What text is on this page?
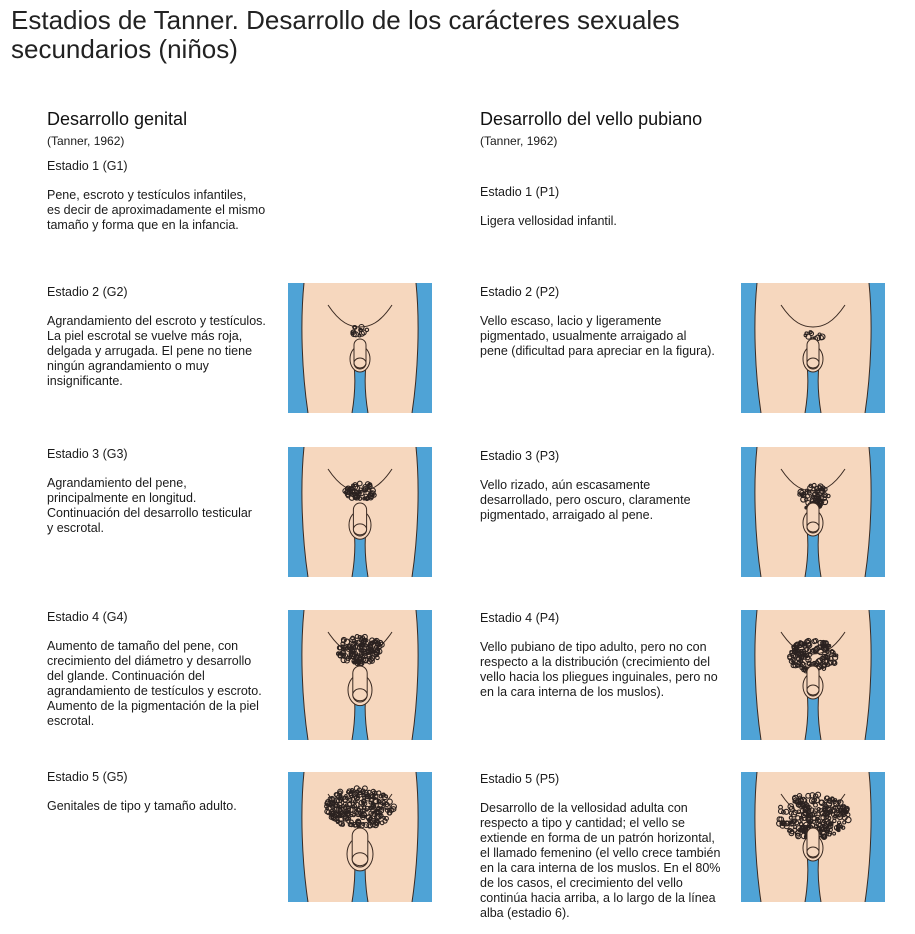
Estadios de Tanner. Desarrollo de los carácteres sexuales
secundarios (niños)
Desarrollo genital
(Tanner, 1962)
Desarrollo del vello pubiano
(Tanner, 1962)
Estadio 1 (G1)
Pene, escroto y testículos infantiles,
es decir de aproximadamente el mismo
tamaño y forma que en la infancia.
Estadio 2 (G2)
Agrandamiento del escroto y testículos.
La piel escrotal se vuelve más roja,
delgada y arrugada. El pene no tiene
ningún agrandamiento o muy
insignificante.
Estadio 3 (G3)
Agrandamiento del pene,
principalmente en longitud.
Continuación del desarrollo testicular
y escrotal.
Estadio 4 (G4)
Aumento de tamaño del pene, con
crecimiento del diámetro y desarrollo
del glande. Continuación del
agrandamiento de testículos y escroto.
Aumento de la pigmentación de la piel
escrotal.
Estadio 5 (G5)
Genitales de tipo y tamaño adulto.
Estadio 1 (P1)
Ligera vellosidad infantil.
Estadio 2 (P2)
Vello escaso, lacio y ligeramente
pigmentado, usualmente arraigado al
pene (dificultad para apreciar en la figura).
Estadio 3 (P3)
Vello rizado, aún escasamente
desarrollado, pero oscuro, claramente
pigmentado, arraigado al pene.
Estadio 4 (P4)
Vello pubiano de tipo adulto, pero no con
respecto a la distribución (crecimiento del
vello hacia los pliegues inguinales, pero no
en la cara interna de los muslos).
Estadio 5 (P5)
Desarrollo de la vellosidad adulta con
respecto a tipo y cantidad; el vello se
extiende en forma de un patrón horizontal,
el llamado femenino (el vello crece también
en la cara interna de los muslos. En el 80%
de los casos, el crecimiento del vello
continúa hacia arriba, a lo largo de la línea
alba (estadio 6).
